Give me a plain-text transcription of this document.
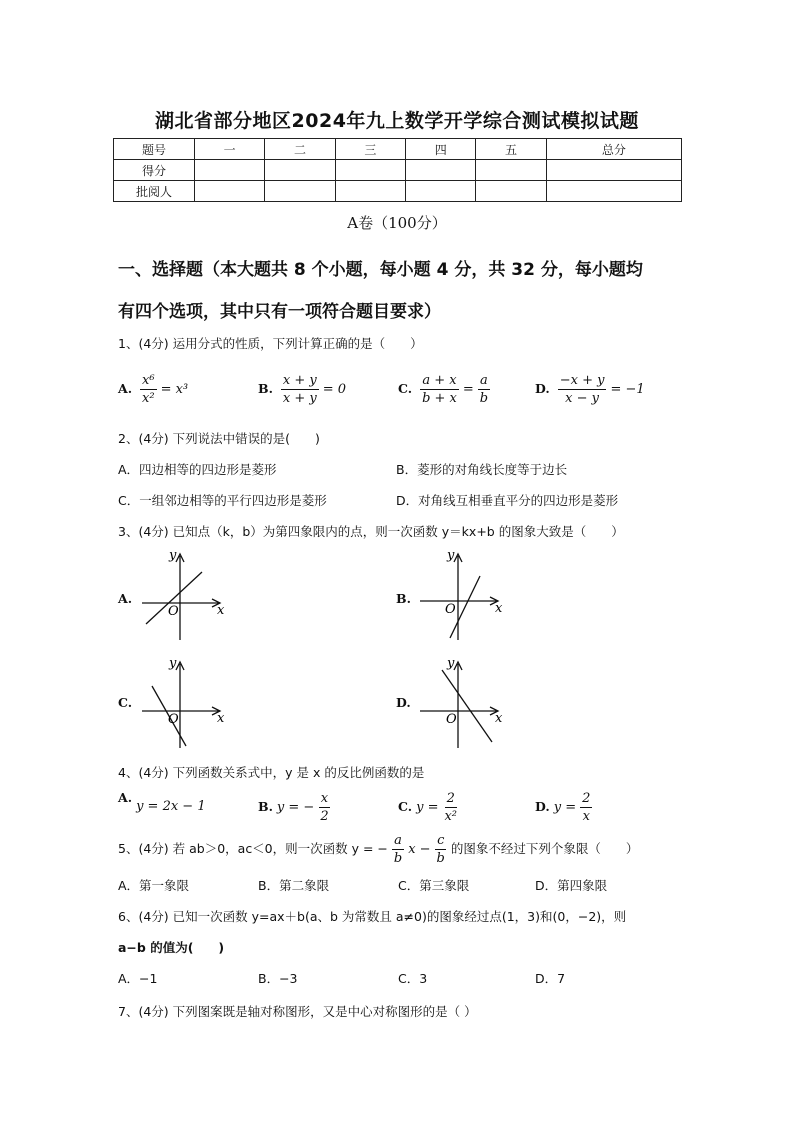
湖北省部分地区2024年九上数学开学综合测试模拟试题
题号	一	二	三	四	五	总分
得分						
批阅人						
A卷（100分）
一、选择题（本大题共 8 个小题，每小题 4 分，共 32 分，每小题均
有四个选项，其中只有一项符合题目要求）
1、(4分) 运用分式的性质，下列计算正确的是（　　）
A. $\frac{\text{x⁶}}{\text{x²}} = x^3$	B. $\frac{x + y}{x + y} = 0$	C. $\frac{a + x}{b + x} = \frac{a}{b}$	D. $\frac{-x + y}{x - y} = -1$
2、(4分) 下列说法中错误的是(　　)
A．四边相等的四边形是菱形	B．菱形的对角线长度等于边长
C．一组邻边相等的平行四边形是菱形	D．对角线互相垂直平分的四边形是菱形
3、(4分) 已知点（k，b）为第四象限内的点，则一次函数 y＝kx+b 的图象大致是（　　）
A.	B.
C.	D.
y
x
O
y
x
O
y
x
O
y
x
O
4、(4分) 下列函数关系式中，y 是 x 的反比例函数的是
A.y = 2x − 1	B. y = − $\frac{x}{2}$	C. $y = \frac{2}{\text{x²}}$	D. $y = \frac{2}{x}$
5、(4分) 若 ab＞0，ac＜0，则一次函数 y = − $\frac{a}{b}$ $x - \frac{c}{b}$ 的图象不经过下列个象限（　　）
A．第一象限	B．第二象限	C．第三象限	D．第四象限
6、(4分) 已知一次函数 y=ax＋b(a、b 为常数且 a≠0)的图象经过点(1，3)和(0，−2)，则
a−b 的值为(　　)
A．−1	B．−3	C．3	D．7
7、(4分) 下列图案既是轴对称图形，又是中心对称图形的是（ ）
